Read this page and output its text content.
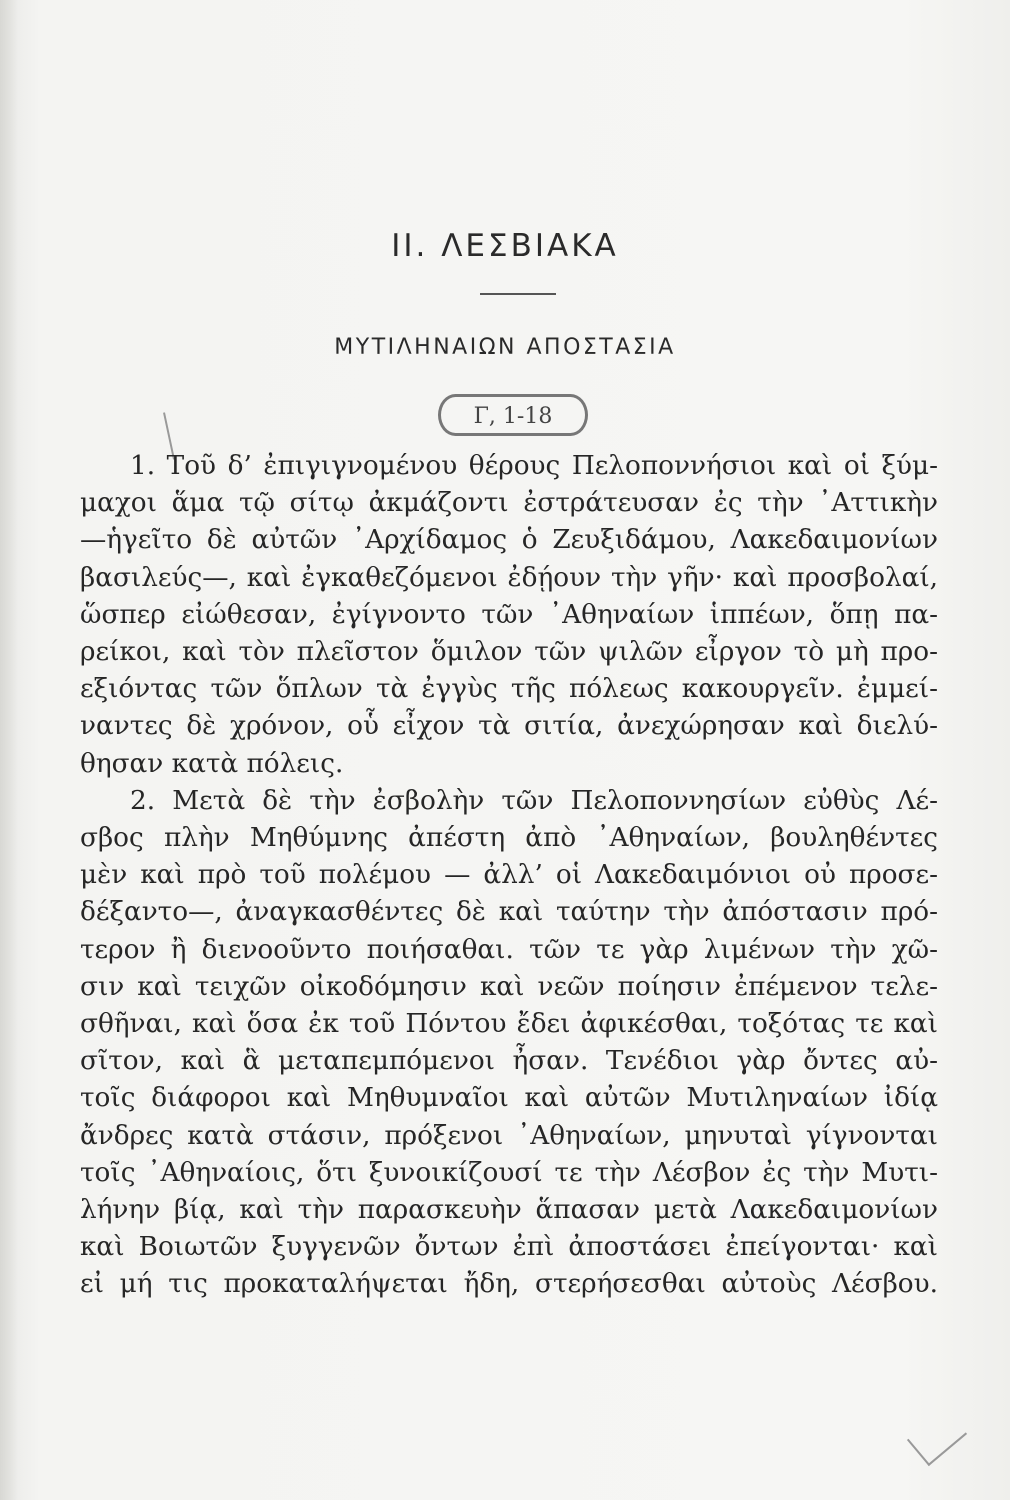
II. ΛΕΣΒΙΑΚΑ
ΜΥΤΙΛΗΝΑΙΩΝ ΑΠΟΣΤΑΣΙΑ
Γ, 1-18
1. Τοῦ δ’ ἐπιγιγνομένου θέρους Πελοποννήσιοι καὶ οἱ ξύμ-
μαχοι ἅμα τῷ σίτῳ ἀκμάζοντι ἐστράτευσαν ἐς τὴν ᾿Αττικὴν
—ἡγεῖτο δὲ αὐτῶν ᾿Αρχίδαμος ὁ Ζευξιδάμου, Λακεδαιμονίων
βασιλεύς—, καὶ ἐγκαθεζόμενοι ἐδῄουν τὴν γῆν· καὶ προσβολαί,
ὥσπερ εἰώθεσαν, ἐγίγνοντο τῶν ᾿Αθηναίων ἱππέων, ὅπῃ πα-
ρείκοι, καὶ τὸν πλεῖστον ὅμιλον τῶν ψιλῶν εἶργον τὸ μὴ προ-
εξιόντας τῶν ὅπλων τὰ ἐγγὺς τῆς πόλεως κακουργεῖν. ἐμμεί-
ναντες δὲ χρόνον, οὗ εἶχον τὰ σιτία, ἀνεχώρησαν καὶ διελύ-
θησαν κατὰ πόλεις.
2. Μετὰ δὲ τὴν ἐσβολὴν τῶν Πελοποννησίων εὐθὺς Λέ-
σβος πλὴν Μηθύμνης ἀπέστη ἀπὸ ᾿Αθηναίων, βουληθέντες
μὲν καὶ πρὸ τοῦ πολέμου — ἀλλ’ οἱ Λακεδαιμόνιοι οὐ προσε-
δέξαντο—, ἀναγκασθέντες δὲ καὶ ταύτην τὴν ἀπόστασιν πρό-
τερον ἢ διενοοῦντο ποιήσαθαι. τῶν τε γὰρ λιμένων τὴν χῶ-
σιν καὶ τειχῶν οἰκοδόμησιν καὶ νεῶν ποίησιν ἐπέμενον τελε-
σθῆναι, καὶ ὅσα ἐκ τοῦ Πόντου ἔδει ἀφικέσθαι, τοξότας τε καὶ
σῖτον, καὶ ἃ μεταπεμπόμενοι ἦσαν. Τενέδιοι γὰρ ὄντες αὐ-
τοῖς διάφοροι καὶ Μηθυμναῖοι καὶ αὐτῶν Μυτιληναίων ἰδίᾳ
ἄνδρες κατὰ στάσιν, πρόξενοι ᾿Αθηναίων, μηνυταὶ γίγνονται
τοῖς ᾿Αθηναίοις, ὅτι ξυνοικίζουσί τε τὴν Λέσβον ἐς τὴν Μυτι-
λήνην βίᾳ, καὶ τὴν παρασκευὴν ἅπασαν μετὰ Λακεδαιμονίων
καὶ Βοιωτῶν ξυγγενῶν ὄντων ἐπὶ ἀποστάσει ἐπείγονται· καὶ
εἰ μή τις προκαταλήψεται ἤδη, στερήσεσθαι αὐτοὺς Λέσβου.
